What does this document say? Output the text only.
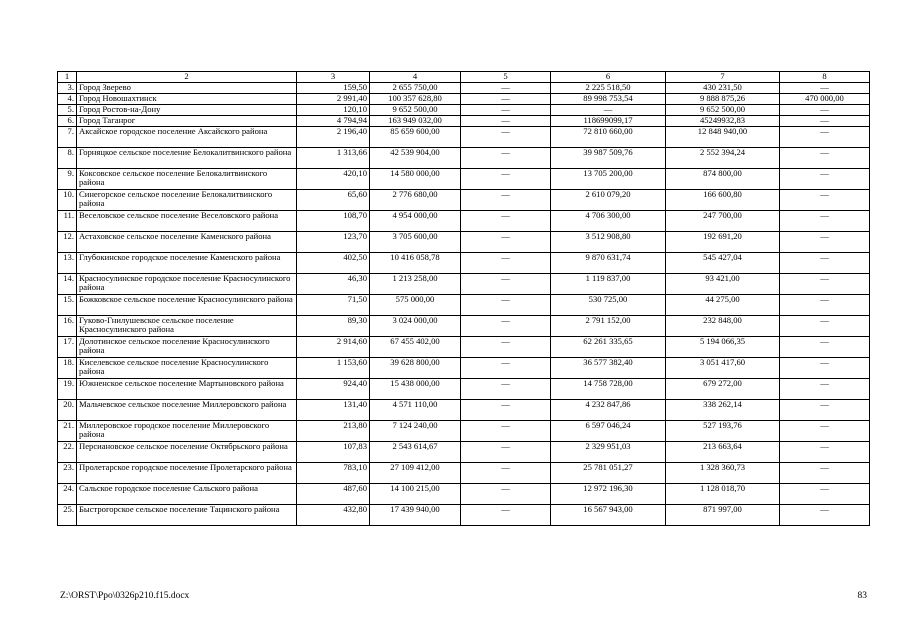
1	2	3	4	5	6	7	8
3.	Город Зверево	159,50	2 655 750,00	—	2 225 518,50	430 231,50	—
4.	Город Новошахтинск	2 991,40	100 357 628,80	—	89 998 753,54	9 888 875,26	470 000,00
5.	Город Ростов-на-Дону	120,10	9 652 500,00	—	—	9 652 500,00	—
6.	Город Таганрог	4 794,94	163 949 032,00	—	118699099,17	45249932,83	—
7.	Аксайское городское поселение Аксайского района	2 196,40	85 659 600,00	—	72 810 660,00	12 848 940,00	—
8.	Горняцкое сельское поселение Белокалитвинского района	1 313,66	42 539 904,00	—	39 987 509,76	2 552 394,24	—
9.	Коксовское сельское поселение Белокалитвинского района	420,10	14 580 000,00	—	13 705 200,00	874 800,00	—
10.	Синегорское сельское поселение Белокалитвинского района	65,60	2 776 680,00	—	2 610 079,20	166 600,80	—
11.	Веселовское сельское поселение Веселовского района	108,70	4 954 000,00	—	4 706 300,00	247 700,00	—
12.	Астаховское сельское поселение Каменского района	123,70	3 705 600,00	—	3 512 908,80	192 691,20	—
13.	Глубокинское городское поселение Каменского района	402,50	10 416 058,78	—	9 870 631,74	545 427,04	—
14.	Красносулинское городское поселение Красносулинского района	46,30	1 213 258,00	—	1 119 837,00	93 421,00	—
15.	Божковское сельское поселение Красносулинского района	71,50	575 000,00	—	530 725,00	44 275,00	—
16.	Гуково-Гнилушевское сельское поселение Красносулинского района	89,30	3 024 000,00	—	2 791 152,00	232 848,00	—
17.	Долотинское сельское поселение Красносулинского района	2 914,60	67 455 402,00	—	62 261 335,65	5 194 066,35	—
18.	Киселевское сельское поселение Красносулинского района	1 153,60	39 628 800,00	—	36 577 382,40	3 051 417,60	—
19.	Южненское сельское поселение Мартыновского района	924,40	15 438 000,00	—	14 758 728,00	679 272,00	—
20.	Мальчевское сельское поселение Миллеровского района	131,40	4 571 110,00	—	4 232 847,86	338 262,14	—
21.	Миллеровское городское поселение Миллеровского района	213,80	7 124 240,00	—	6 597 046,24	527 193,76	—
22.	Персиановское сельское поселение Октябрьского района	107,83	2 543 614,67	—	2 329 951,03	213 663,64	—
23.	Пролетарское городское поселение Пролетарского района	783,10	27 109 412,00	—	25 781 051,27	1 328 360,73	—
24.	Сальское городское поселение Сальского района	487,60	14 100 215,00	—	12 972 196,30	1 128 018,70	—
25.	Быстрогорское сельское поселение Тацинского района	432,80	17 439 940,00	—	16 567 943,00	871 997,00	—
Z:\ORST\Ppo\0326p210.f15.docx	83
